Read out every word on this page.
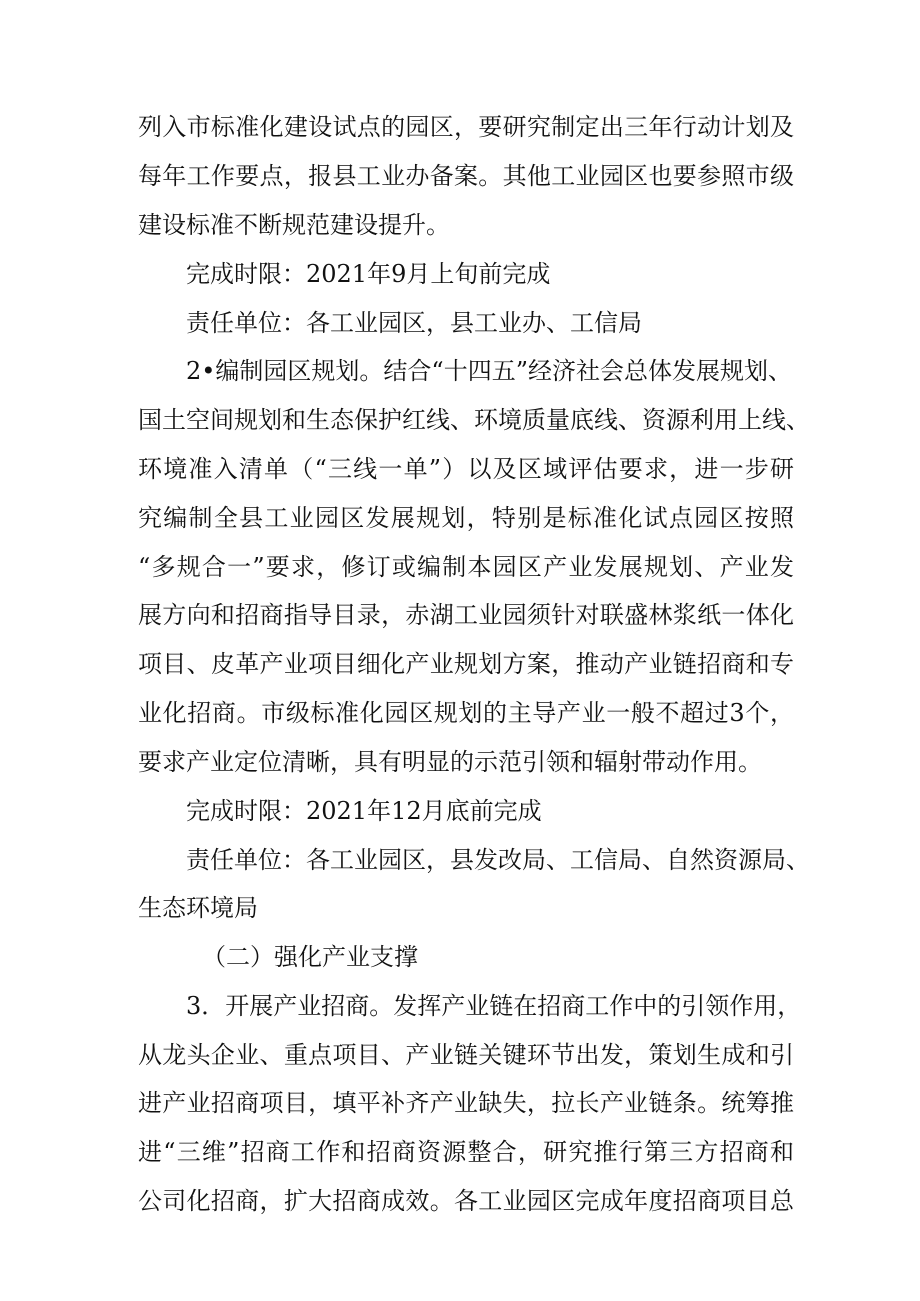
列入市标准化建设试点的园区，要研究制定出三年行动计划及
每年工作要点，报县工业办备案。其他工业园区也要参照市级
建设标准不断规范建设提升。
完成时限：2021年9月上旬前完成
责任单位：各工业园区，县工业办、工信局
2•编制园区规划。结合“十四五”经济社会总体发展规划、
国土空间规划和生态保护红线、环境质量底线、资源利用上线、
环境准入清单（“三线一单”）以及区域评估要求，进一步研
究编制全县工业园区发展规划，特别是标准化试点园区按照
“多规合一”要求，修订或编制本园区产业发展规划、产业发
展方向和招商指导目录，赤湖工业园须针对联盛林浆纸一体化
项目、皮革产业项目细化产业规划方案，推动产业链招商和专
业化招商。市级标准化园区规划的主导产业一般不超过3个，
要求产业定位清晰，具有明显的示范引领和辐射带动作用。
完成时限：2021年12月底前完成
责任单位：各工业园区，县发改局、工信局、自然资源局、
生态环境局
（二）强化产业支撑
3．开展产业招商。发挥产业链在招商工作中的引领作用，
从龙头企业、重点项目、产业链关键环节出发，策划生成和引
进产业招商项目，填平补齐产业缺失，拉长产业链条。统筹推
进“三维”招商工作和招商资源整合，研究推行第三方招商和
公司化招商，扩大招商成效。各工业园区完成年度招商项目总
